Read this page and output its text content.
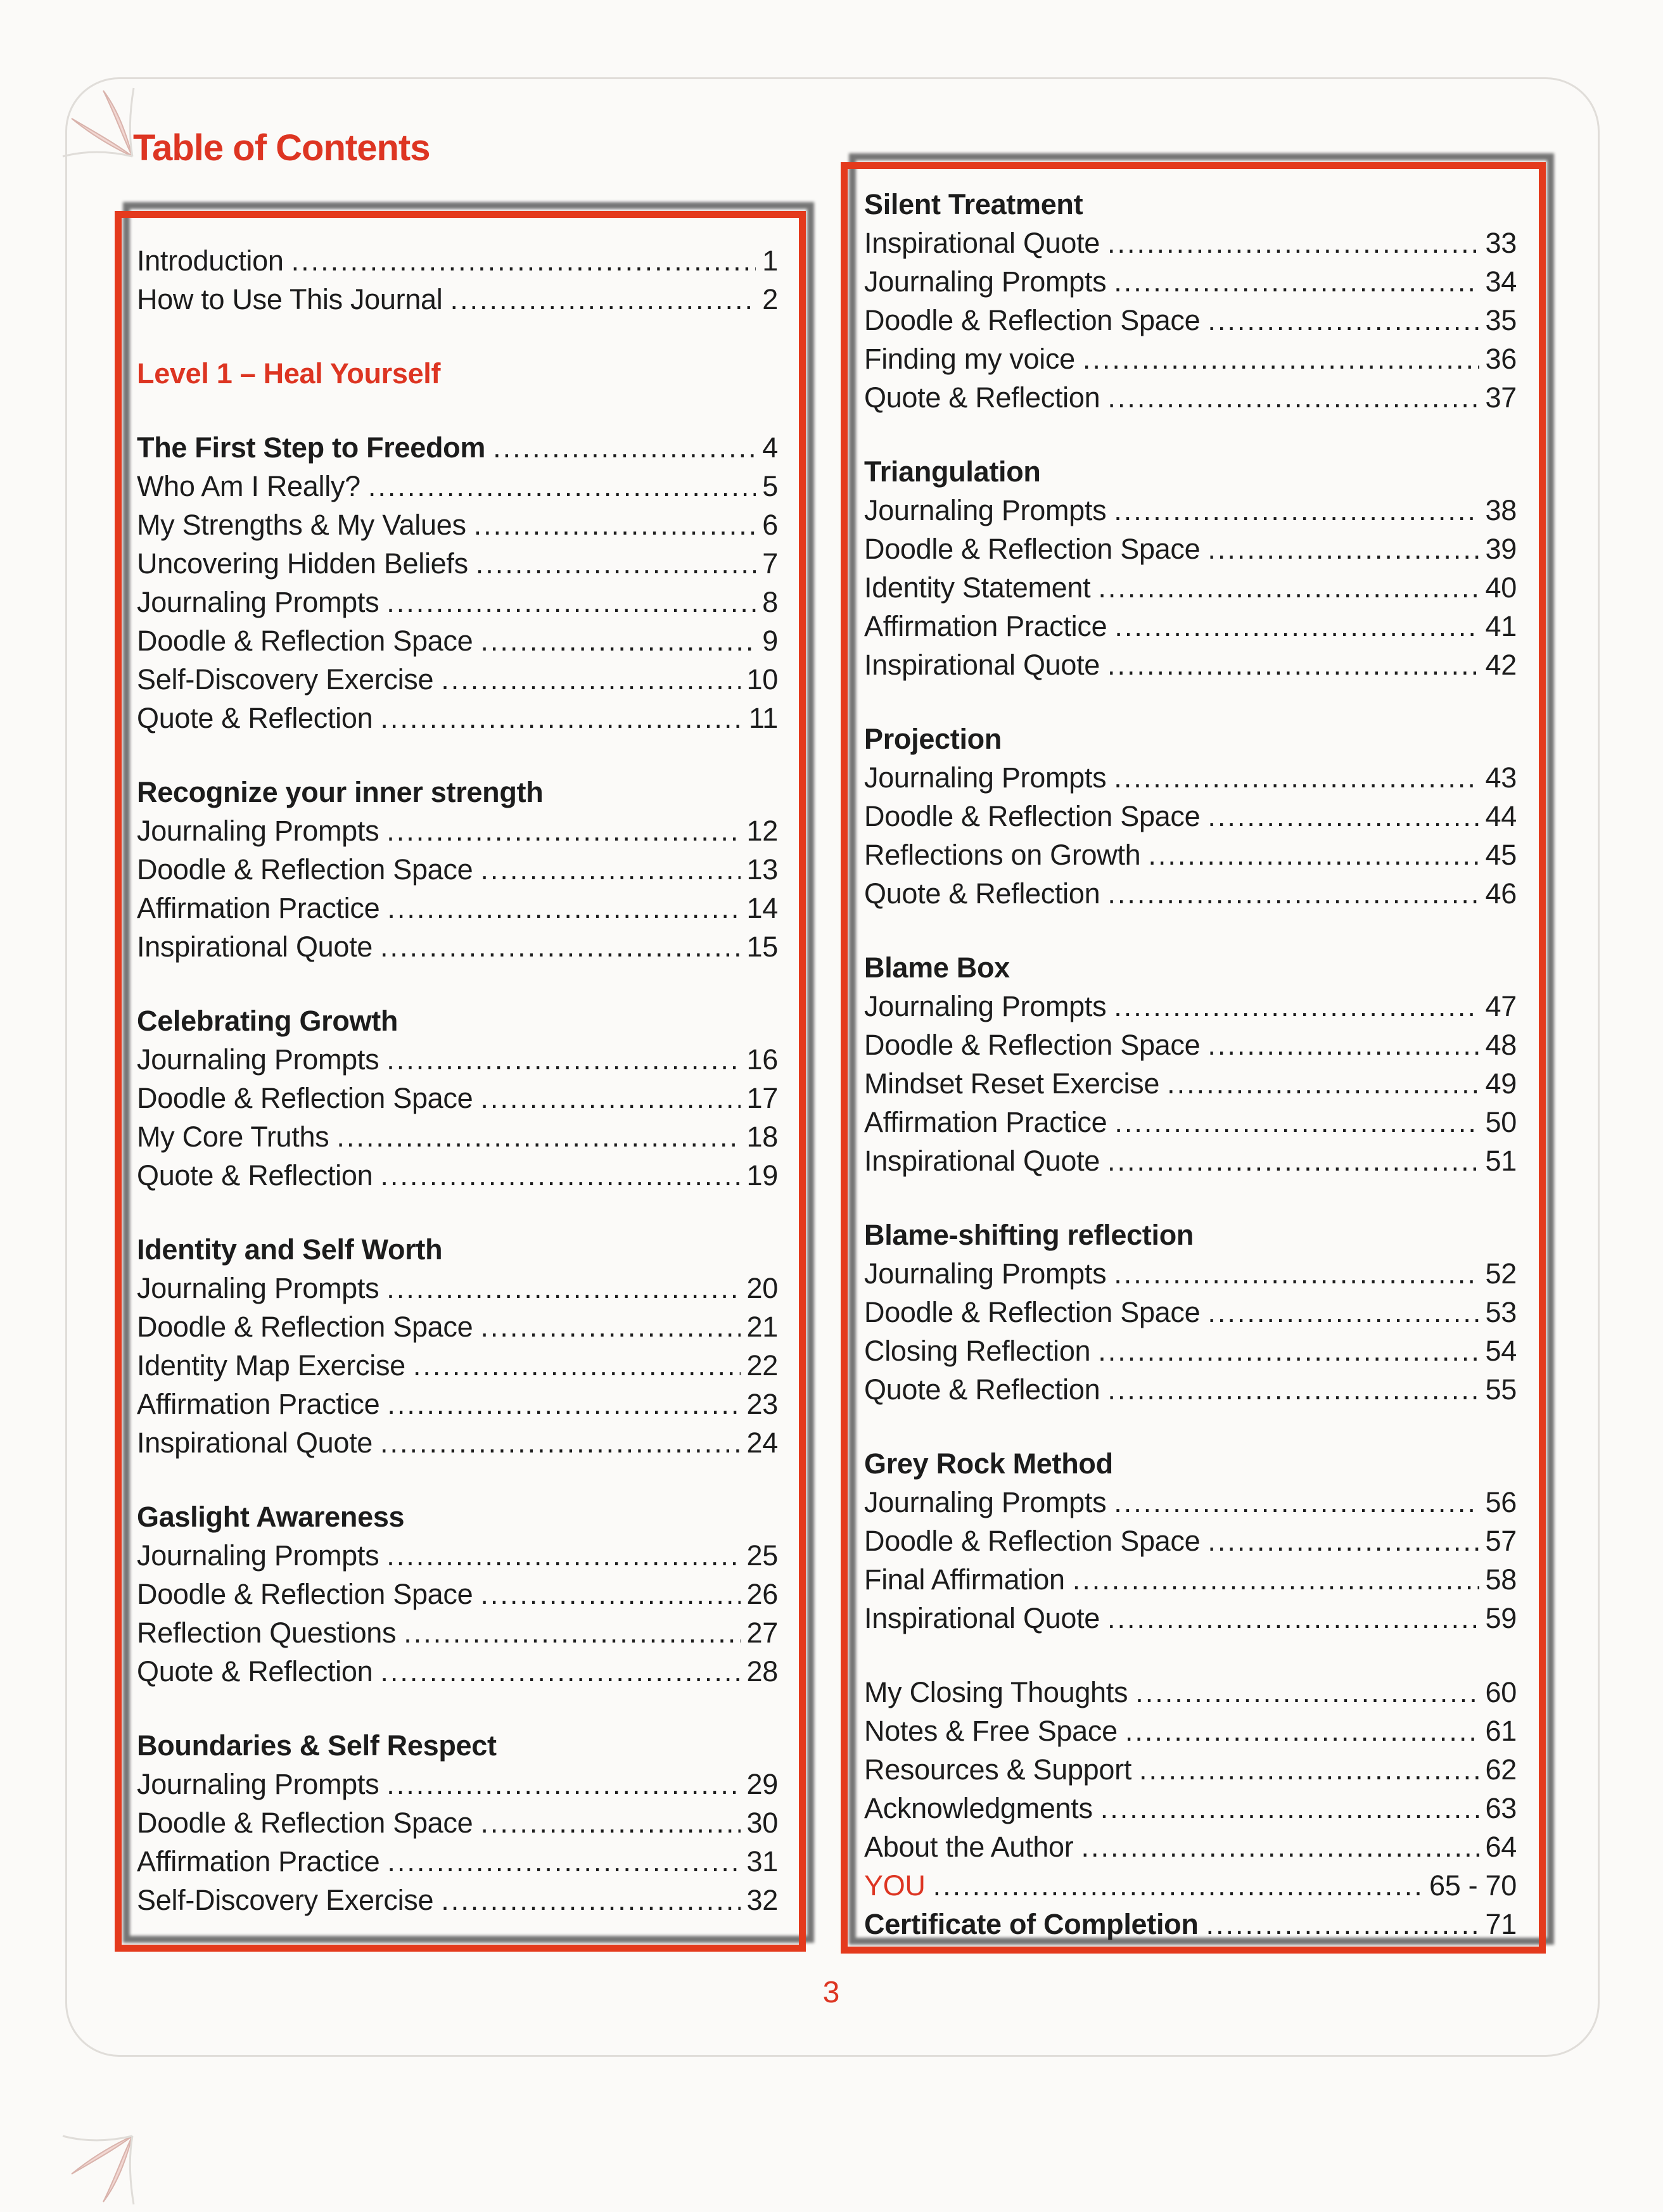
Table of Contents
Introduction .....	1
How to Use This Journal .....	2
Level 1 – Heal Yourself
The First Step to Freedom .....	4
Who Am I Really? .....	5
My Strengths & My Values .....	6
Uncovering Hidden Beliefs .....	7
Journaling Prompts .....	8
Doodle & Reflection Space .....	9
Self-Discovery Exercise .....	10
Quote & Reflection .....	11
Recognize your inner strength
Journaling Prompts .....	12
Doodle & Reflection Space .....	13
Affirmation Practice .....	14
Inspirational Quote .....	15
Celebrating Growth
Journaling Prompts .....	16
Doodle & Reflection Space .....	17
My Core Truths .....	18
Quote & Reflection .....	19
Identity and Self Worth
Journaling Prompts .....	20
Doodle & Reflection Space .....	21
Identity Map Exercise .....	22
Affirmation Practice .....	23
Inspirational Quote .....	24
Gaslight Awareness
Journaling Prompts .....	25
Doodle & Reflection Space .....	26
Reflection Questions .....	27
Quote & Reflection .....	28
Boundaries & Self Respect
Journaling Prompts .....	29
Doodle & Reflection Space .....	30
Affirmation Practice .....	31
Self-Discovery Exercise .....	32
Silent Treatment
Inspirational Quote .....	33
Journaling Prompts .....	34
Doodle & Reflection Space .....	35
Finding my voice .....	36
Quote & Reflection .....	37
Triangulation
Journaling Prompts .....	38
Doodle & Reflection Space .....	39
Identity Statement .....	40
Affirmation Practice .....	41
Inspirational Quote .....	42
Projection
Journaling Prompts .....	43
Doodle & Reflection Space .....	44
Reflections on Growth .....	45
Quote & Reflection .....	46
Blame Box
Journaling Prompts .....	47
Doodle & Reflection Space .....	48
Mindset Reset Exercise .....	49
Affirmation Practice .....	50
Inspirational Quote .....	51
Blame-shifting reflection
Journaling Prompts .....	52
Doodle & Reflection Space .....	53
Closing Reflection .....	54
Quote & Reflection .....	55
Grey Rock Method
Journaling Prompts .....	56
Doodle & Reflection Space .....	57
Final Affirmation .....	58
Inspirational Quote .....	59
My Closing Thoughts .....	60
Notes & Free Space .....	61
Resources & Support .....	62
Acknowledgments .....	63
About the Author .....	64
YOU .....	65 - 70
Certificate of Completion .....	71
3
